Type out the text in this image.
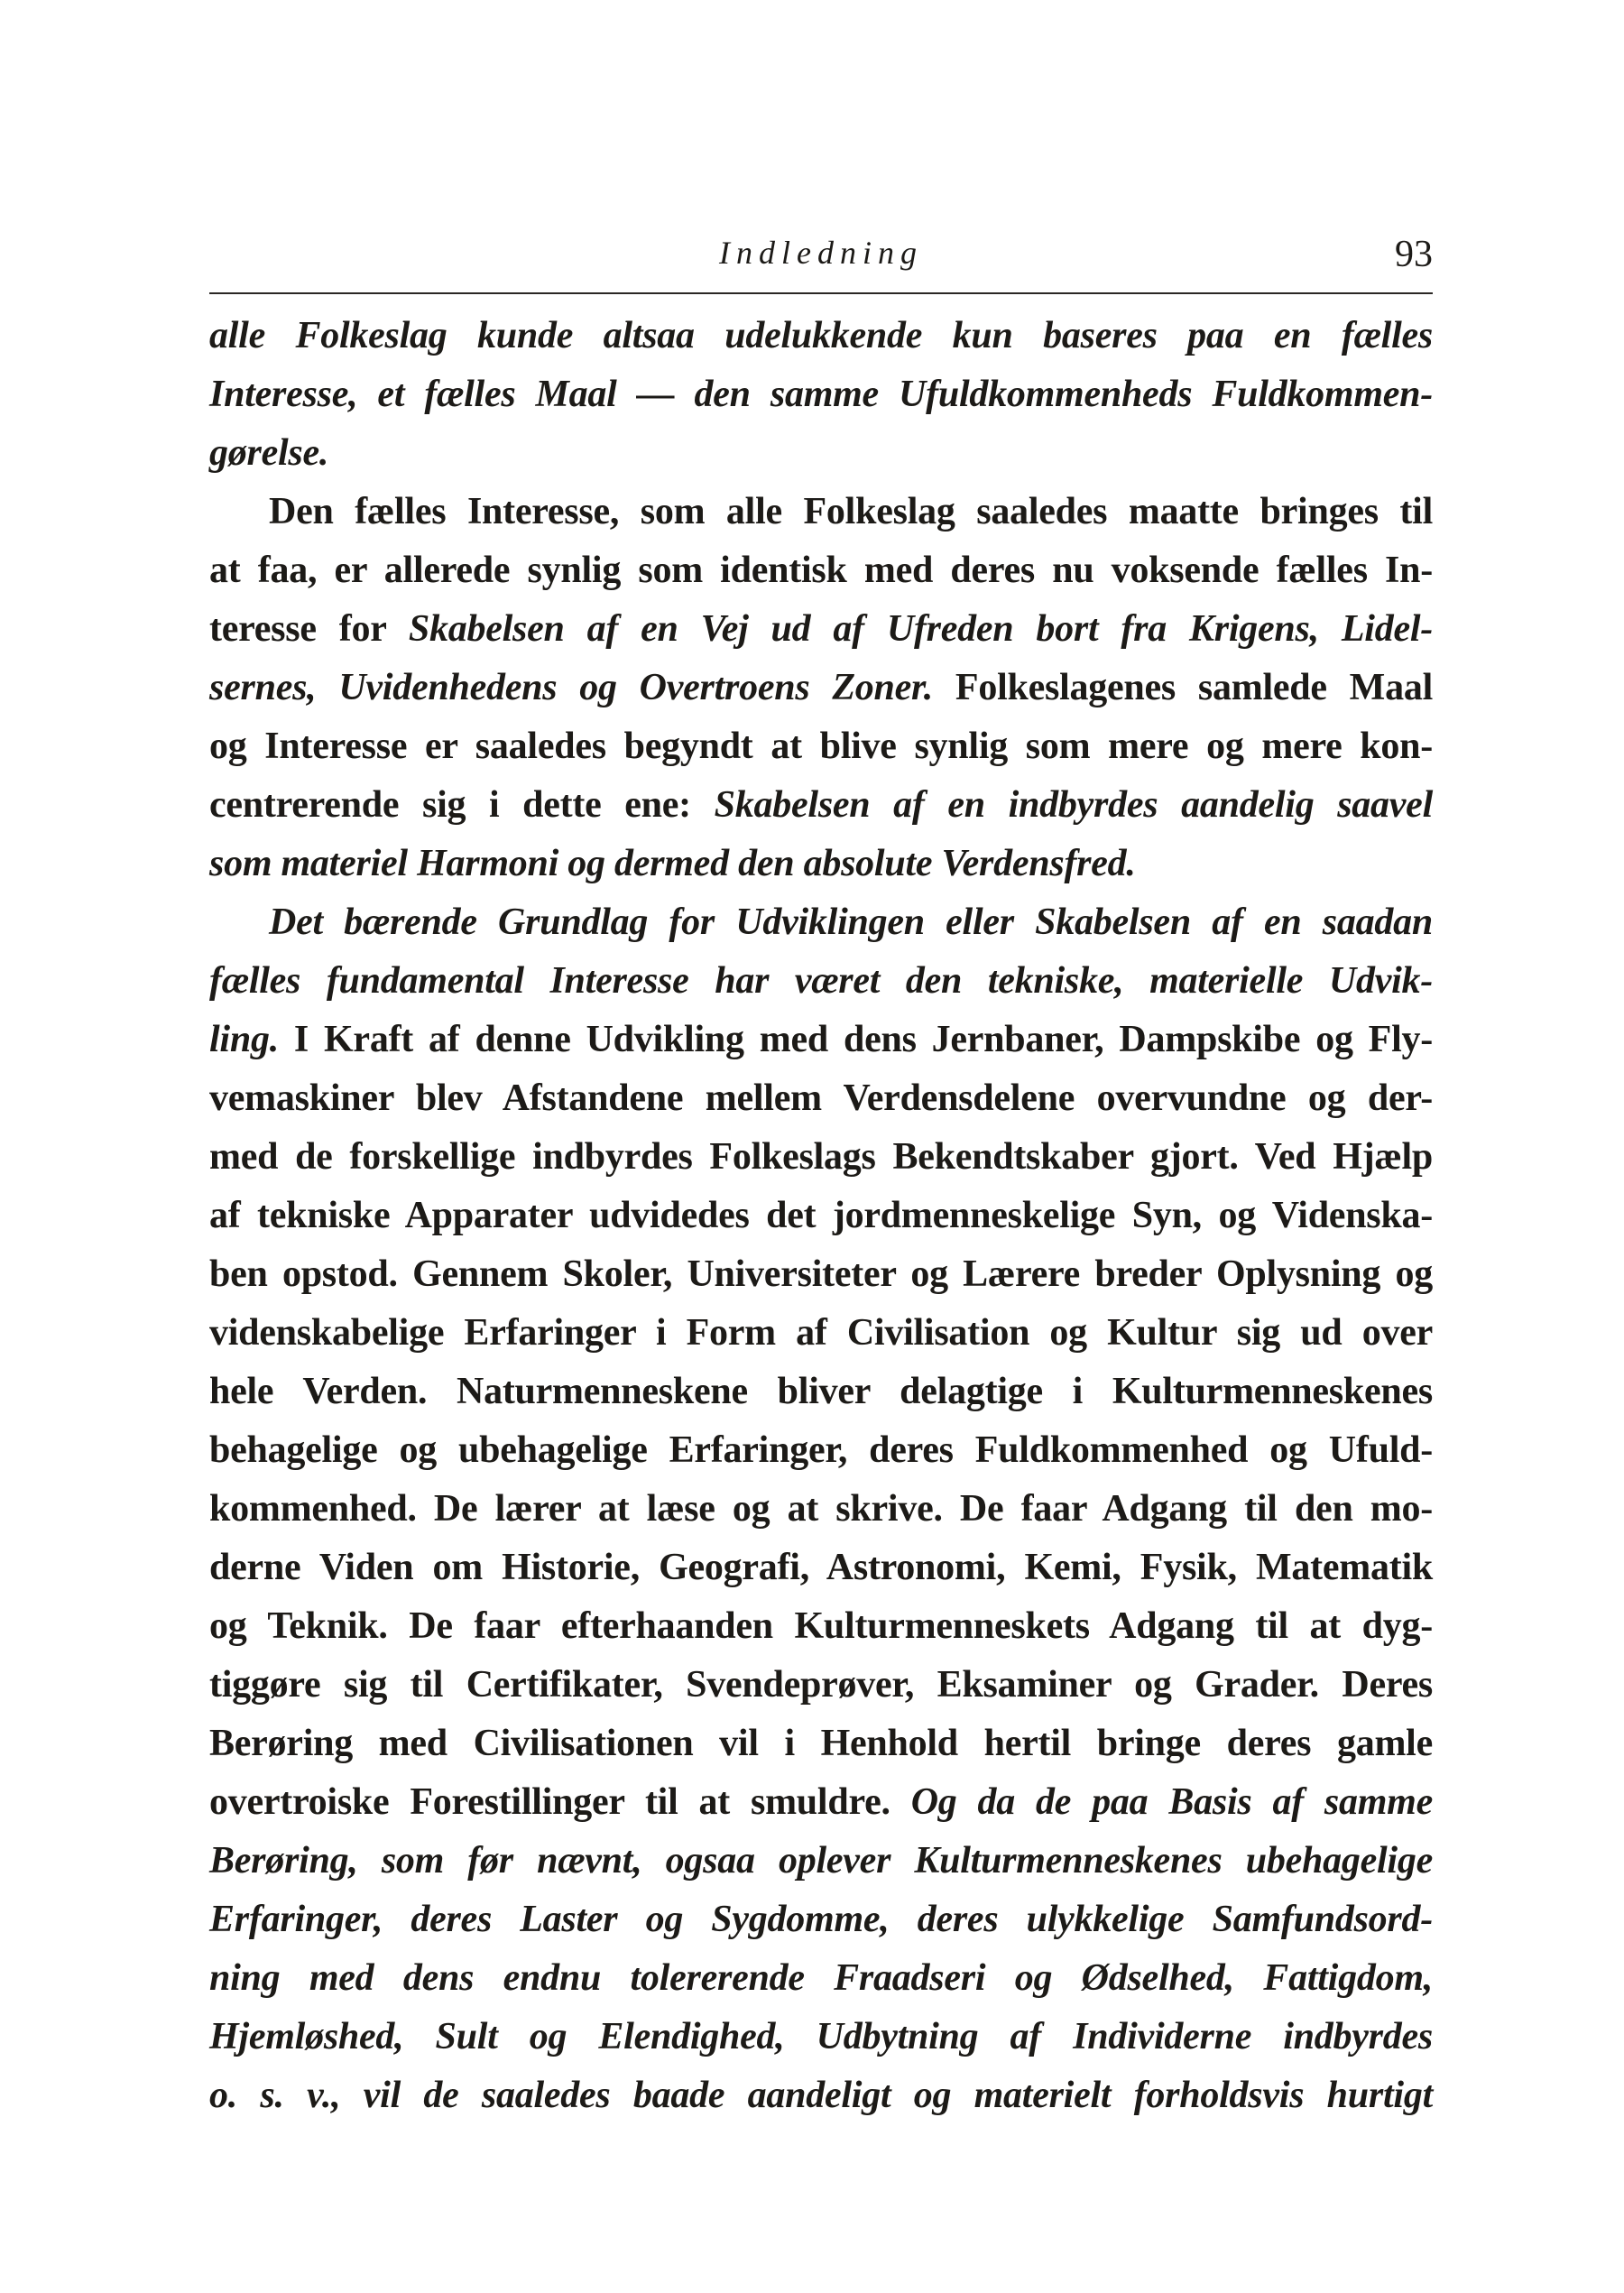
Indledning	93
alle Folkeslag kunde altsaa udelukkende kun baseres paa en fælles
Interesse, et fælles Maal — den samme Ufuldkommenheds Fuldkommen-
gørelse.
Den fælles Interesse, som alle Folkeslag saaledes maatte bringes til
at faa, er allerede synlig som identisk med deres nu voksende fælles In-
teresse for Skabelsen af en Vej ud af Ufreden bort fra Krigens, Lidel-
sernes, Uvidenhedens og Overtroens Zoner. Folkeslagenes samlede Maal
og Interesse er saaledes begyndt at blive synlig som mere og mere kon-
centrerende sig i dette ene: Skabelsen af en indbyrdes aandelig saavel
som materiel Harmoni og dermed den absolute Verdensfred.
Det bærende Grundlag for Udviklingen eller Skabelsen af en saadan
fælles fundamental Interesse har været den tekniske, materielle Udvik-
ling. I Kraft af denne Udvikling med dens Jernbaner, Dampskibe og Fly-
vemaskiner blev Afstandene mellem Verdensdelene overvundne og der-
med de forskellige indbyrdes Folkeslags Bekendtskaber gjort. Ved Hjælp
af tekniske Apparater udvidedes det jordmenneskelige Syn, og Videnska-
ben opstod. Gennem Skoler, Universiteter og Lærere breder Oplysning og
videnskabelige Erfaringer i Form af Civilisation og Kultur sig ud over
hele Verden. Naturmenneskene bliver delagtige i Kulturmenneskenes
behagelige og ubehagelige Erfaringer, deres Fuldkommenhed og Ufuld-
kommenhed. De lærer at læse og at skrive. De faar Adgang til den mo-
derne Viden om Historie, Geografi, Astronomi, Kemi, Fysik, Matematik
og Teknik. De faar efterhaanden Kulturmenneskets Adgang til at dyg-
tiggøre sig til Certifikater, Svendeprøver, Eksaminer og Grader. Deres
Berøring med Civilisationen vil i Henhold hertil bringe deres gamle
overtroiske Forestillinger til at smuldre. Og da de paa Basis af samme
Berøring, som før nævnt, ogsaa oplever Kulturmenneskenes ubehagelige
Erfaringer, deres Laster og Sygdomme, deres ulykkelige Samfundsord-
ning med dens endnu tolererende Fraadseri og Ødselhed, Fattigdom,
Hjemløshed, Sult og Elendighed, Udbytning af Individerne indbyrdes
o. s. v., vil de saaledes baade aandeligt og materielt forholdsvis hurtigt
